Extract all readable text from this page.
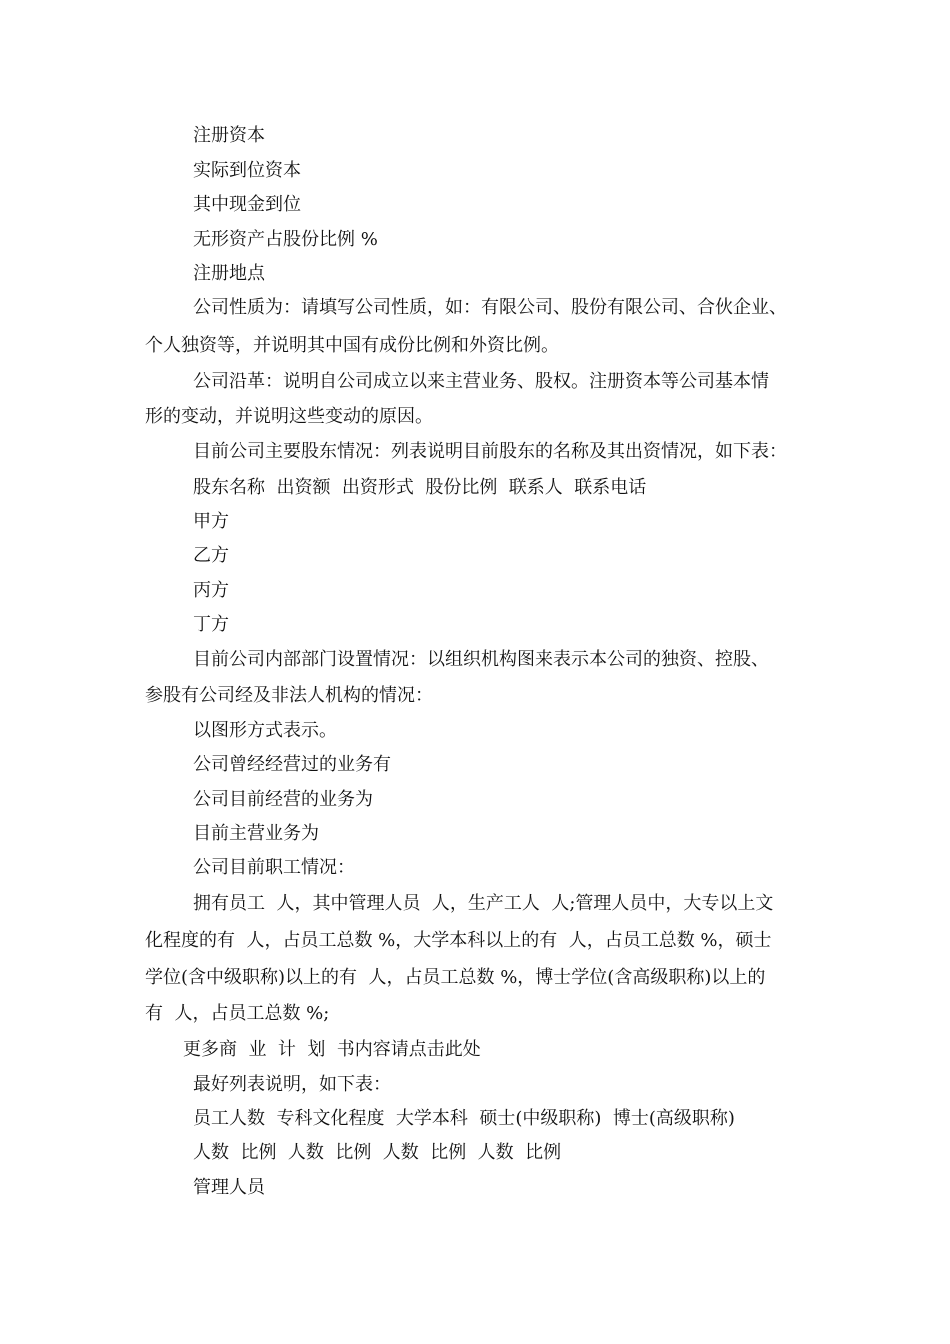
注册资本
实际到位资本
其中现金到位
无形资产占股份比例 %
注册地点
公司性质为：请填写公司性质，如：有限公司、股份有限公司、合伙企业、
个人独资等，并说明其中国有成份比例和外资比例。
公司沿革：说明自公司成立以来主营业务、股权。注册资本等公司基本情
形的变动，并说明这些变动的原因。
目前公司主要股东情况：列表说明目前股东的名称及其出资情况，如下表：
股东名称  出资额  出资形式  股份比例  联系人  联系电话
甲方
乙方
丙方
丁方
目前公司内部部门设置情况：以组织机构图来表示本公司的独资、控股、
参股有公司经及非法人机构的情况：
以图形方式表示。
公司曾经经营过的业务有
公司目前经营的业务为
目前主营业务为
公司目前职工情况：
拥有员工  人，其中管理人员  人，生产工人  人;管理人员中，大专以上文
化程度的有  人，占员工总数 %，大学本科以上的有  人，占员工总数 %，硕士
学位(含中级职称)以上的有  人，占员工总数 %，博士学位(含高级职称)以上的
有  人，占员工总数 %;
更多商  业  计  划  书内容请点击此处
最好列表说明，如下表：
员工人数  专科文化程度  大学本科  硕士(中级职称)  博士(高级职称)
人数  比例  人数  比例  人数  比例  人数  比例
管理人员
